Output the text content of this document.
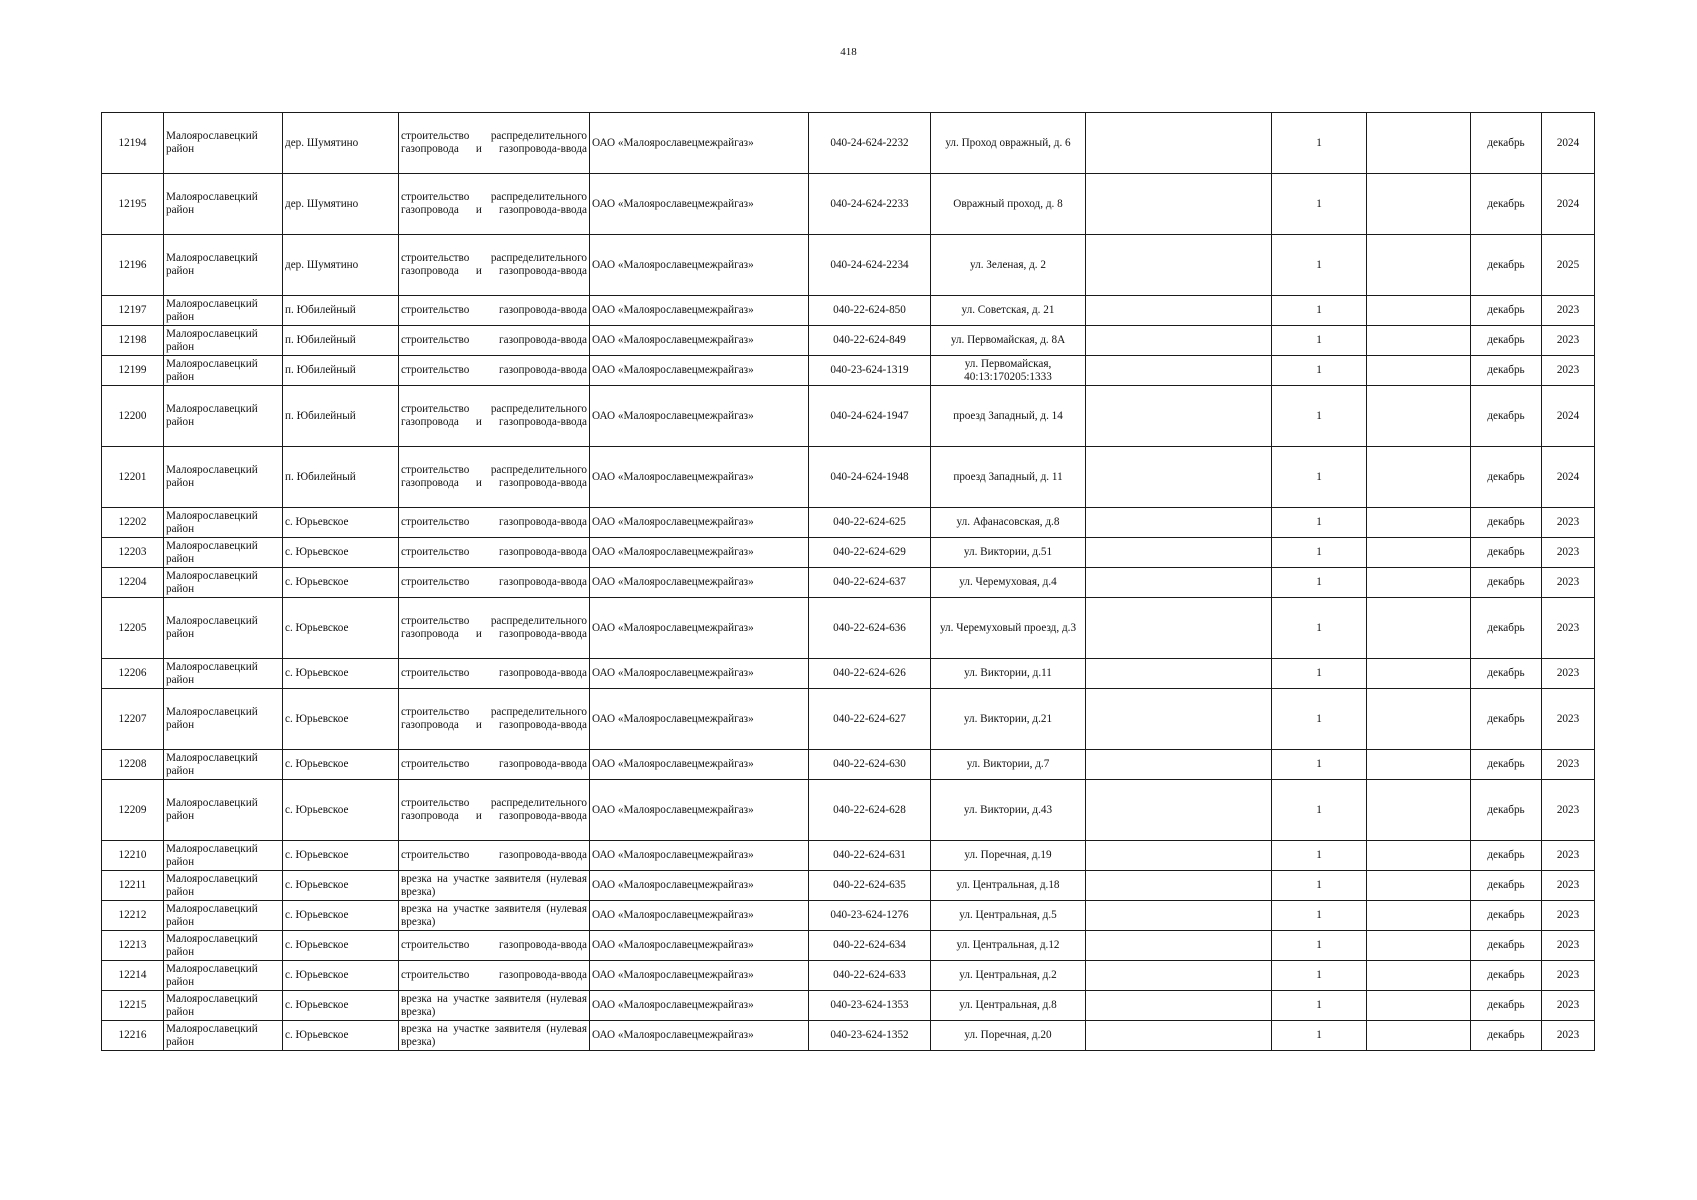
418
12194	Малоярославецкий район	дер. Шумятино	строительство распределительного газопровода и газопровода-ввода	ОАО «Малоярославецмежрайгаз»	040-24-624-2232	ул. Проход овражный, д. 6		1		декабрь	2024
12195	Малоярославецкий район	дер. Шумятино	строительство распределительного газопровода и газопровода-ввода	ОАО «Малоярославецмежрайгаз»	040-24-624-2233	Овражный проход, д. 8		1		декабрь	2024
12196	Малоярославецкий район	дер. Шумятино	строительство распределительного газопровода и газопровода-ввода	ОАО «Малоярославецмежрайгаз»	040-24-624-2234	ул. Зеленая, д. 2		1		декабрь	2025
12197	Малоярославецкий район	п. Юбилейный	строительство газопровода-ввода	ОАО «Малоярославецмежрайгаз»	040-22-624-850	ул. Советская, д. 21		1		декабрь	2023
12198	Малоярославецкий район	п. Юбилейный	строительство газопровода-ввода	ОАО «Малоярославецмежрайгаз»	040-22-624-849	ул. Первомайская, д. 8А		1		декабрь	2023
12199	Малоярославецкий район	п. Юбилейный	строительство газопровода-ввода	ОАО «Малоярославецмежрайгаз»	040-23-624-1319	ул. Первомайская, 40:13:170205:1333		1		декабрь	2023
12200	Малоярославецкий район	п. Юбилейный	строительство распределительного газопровода и газопровода-ввода	ОАО «Малоярославецмежрайгаз»	040-24-624-1947	проезд Западный, д. 14		1		декабрь	2024
12201	Малоярославецкий район	п. Юбилейный	строительство распределительного газопровода и газопровода-ввода	ОАО «Малоярославецмежрайгаз»	040-24-624-1948	проезд Западный, д. 11		1		декабрь	2024
12202	Малоярославецкий район	с. Юрьевское	строительство газопровода-ввода	ОАО «Малоярославецмежрайгаз»	040-22-624-625	ул. Афанасовская, д.8		1		декабрь	2023
12203	Малоярославецкий район	с. Юрьевское	строительство газопровода-ввода	ОАО «Малоярославецмежрайгаз»	040-22-624-629	ул. Виктории, д.51		1		декабрь	2023
12204	Малоярославецкий район	с. Юрьевское	строительство газопровода-ввода	ОАО «Малоярославецмежрайгаз»	040-22-624-637	ул. Черемуховая, д.4		1		декабрь	2023
12205	Малоярославецкий район	с. Юрьевское	строительство распределительного газопровода и газопровода-ввода	ОАО «Малоярославецмежрайгаз»	040-22-624-636	ул. Черемуховый проезд, д.3		1		декабрь	2023
12206	Малоярославецкий район	с. Юрьевское	строительство газопровода-ввода	ОАО «Малоярославецмежрайгаз»	040-22-624-626	ул. Виктории, д.11		1		декабрь	2023
12207	Малоярославецкий район	с. Юрьевское	строительство распределительного газопровода и газопровода-ввода	ОАО «Малоярославецмежрайгаз»	040-22-624-627	ул. Виктории, д.21		1		декабрь	2023
12208	Малоярославецкий район	с. Юрьевское	строительство газопровода-ввода	ОАО «Малоярославецмежрайгаз»	040-22-624-630	ул. Виктории, д.7		1		декабрь	2023
12209	Малоярославецкий район	с. Юрьевское	строительство распределительного газопровода и газопровода-ввода	ОАО «Малоярославецмежрайгаз»	040-22-624-628	ул. Виктории, д.43		1		декабрь	2023
12210	Малоярославецкий район	с. Юрьевское	строительство газопровода-ввода	ОАО «Малоярославецмежрайгаз»	040-22-624-631	ул. Поречная, д.19		1		декабрь	2023
12211	Малоярославецкий район	с. Юрьевское	врезка на участке заявителя (нулевая врезка)	ОАО «Малоярославецмежрайгаз»	040-22-624-635	ул. Центральная, д.18		1		декабрь	2023
12212	Малоярославецкий район	с. Юрьевское	врезка на участке заявителя (нулевая врезка)	ОАО «Малоярославецмежрайгаз»	040-23-624-1276	ул. Центральная, д.5		1		декабрь	2023
12213	Малоярославецкий район	с. Юрьевское	строительство газопровода-ввода	ОАО «Малоярославецмежрайгаз»	040-22-624-634	ул. Центральная, д.12		1		декабрь	2023
12214	Малоярославецкий район	с. Юрьевское	строительство газопровода-ввода	ОАО «Малоярославецмежрайгаз»	040-22-624-633	ул. Центральная, д.2		1		декабрь	2023
12215	Малоярославецкий район	с. Юрьевское	врезка на участке заявителя (нулевая врезка)	ОАО «Малоярославецмежрайгаз»	040-23-624-1353	ул. Центральная, д.8		1		декабрь	2023
12216	Малоярославецкий район	с. Юрьевское	врезка на участке заявителя (нулевая врезка)	ОАО «Малоярославецмежрайгаз»	040-23-624-1352	ул. Поречная, д.20		1		декабрь	2023
